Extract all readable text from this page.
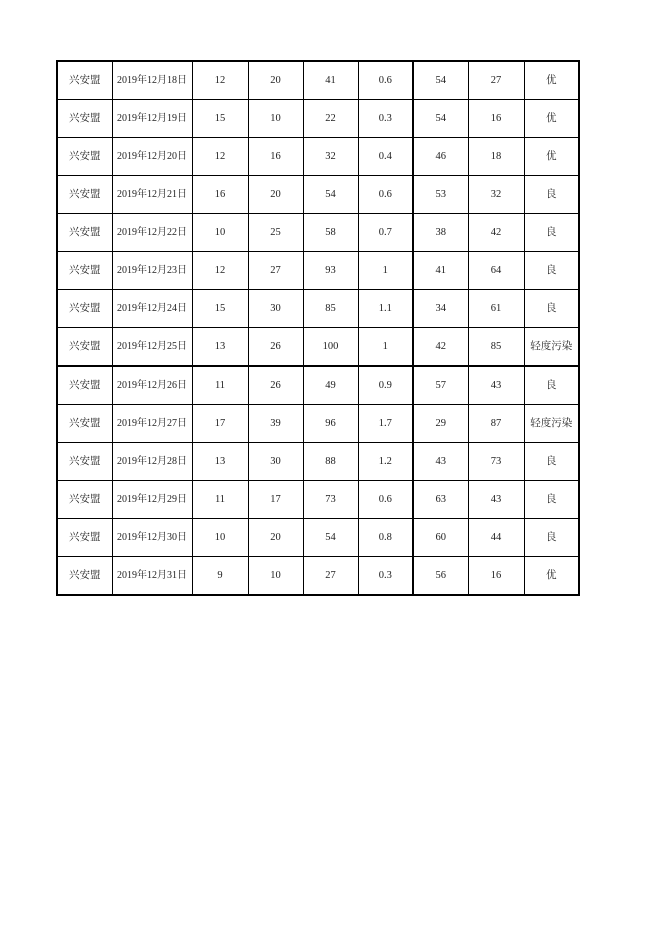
兴安盟	2019年12月18日	12	20	41	0.6	54	27	优
兴安盟	2019年12月19日	15	10	22	0.3	54	16	优
兴安盟	2019年12月20日	12	16	32	0.4	46	18	优
兴安盟	2019年12月21日	16	20	54	0.6	53	32	良
兴安盟	2019年12月22日	10	25	58	0.7	38	42	良
兴安盟	2019年12月23日	12	27	93	1	41	64	良
兴安盟	2019年12月24日	15	30	85	1.1	34	61	良
兴安盟	2019年12月25日	13	26	100	1	42	85	轻度污染
兴安盟	2019年12月26日	11	26	49	0.9	57	43	良
兴安盟	2019年12月27日	17	39	96	1.7	29	87	轻度污染
兴安盟	2019年12月28日	13	30	88	1.2	43	73	良
兴安盟	2019年12月29日	11	17	73	0.6	63	43	良
兴安盟	2019年12月30日	10	20	54	0.8	60	44	良
兴安盟	2019年12月31日	9	10	27	0.3	56	16	优
